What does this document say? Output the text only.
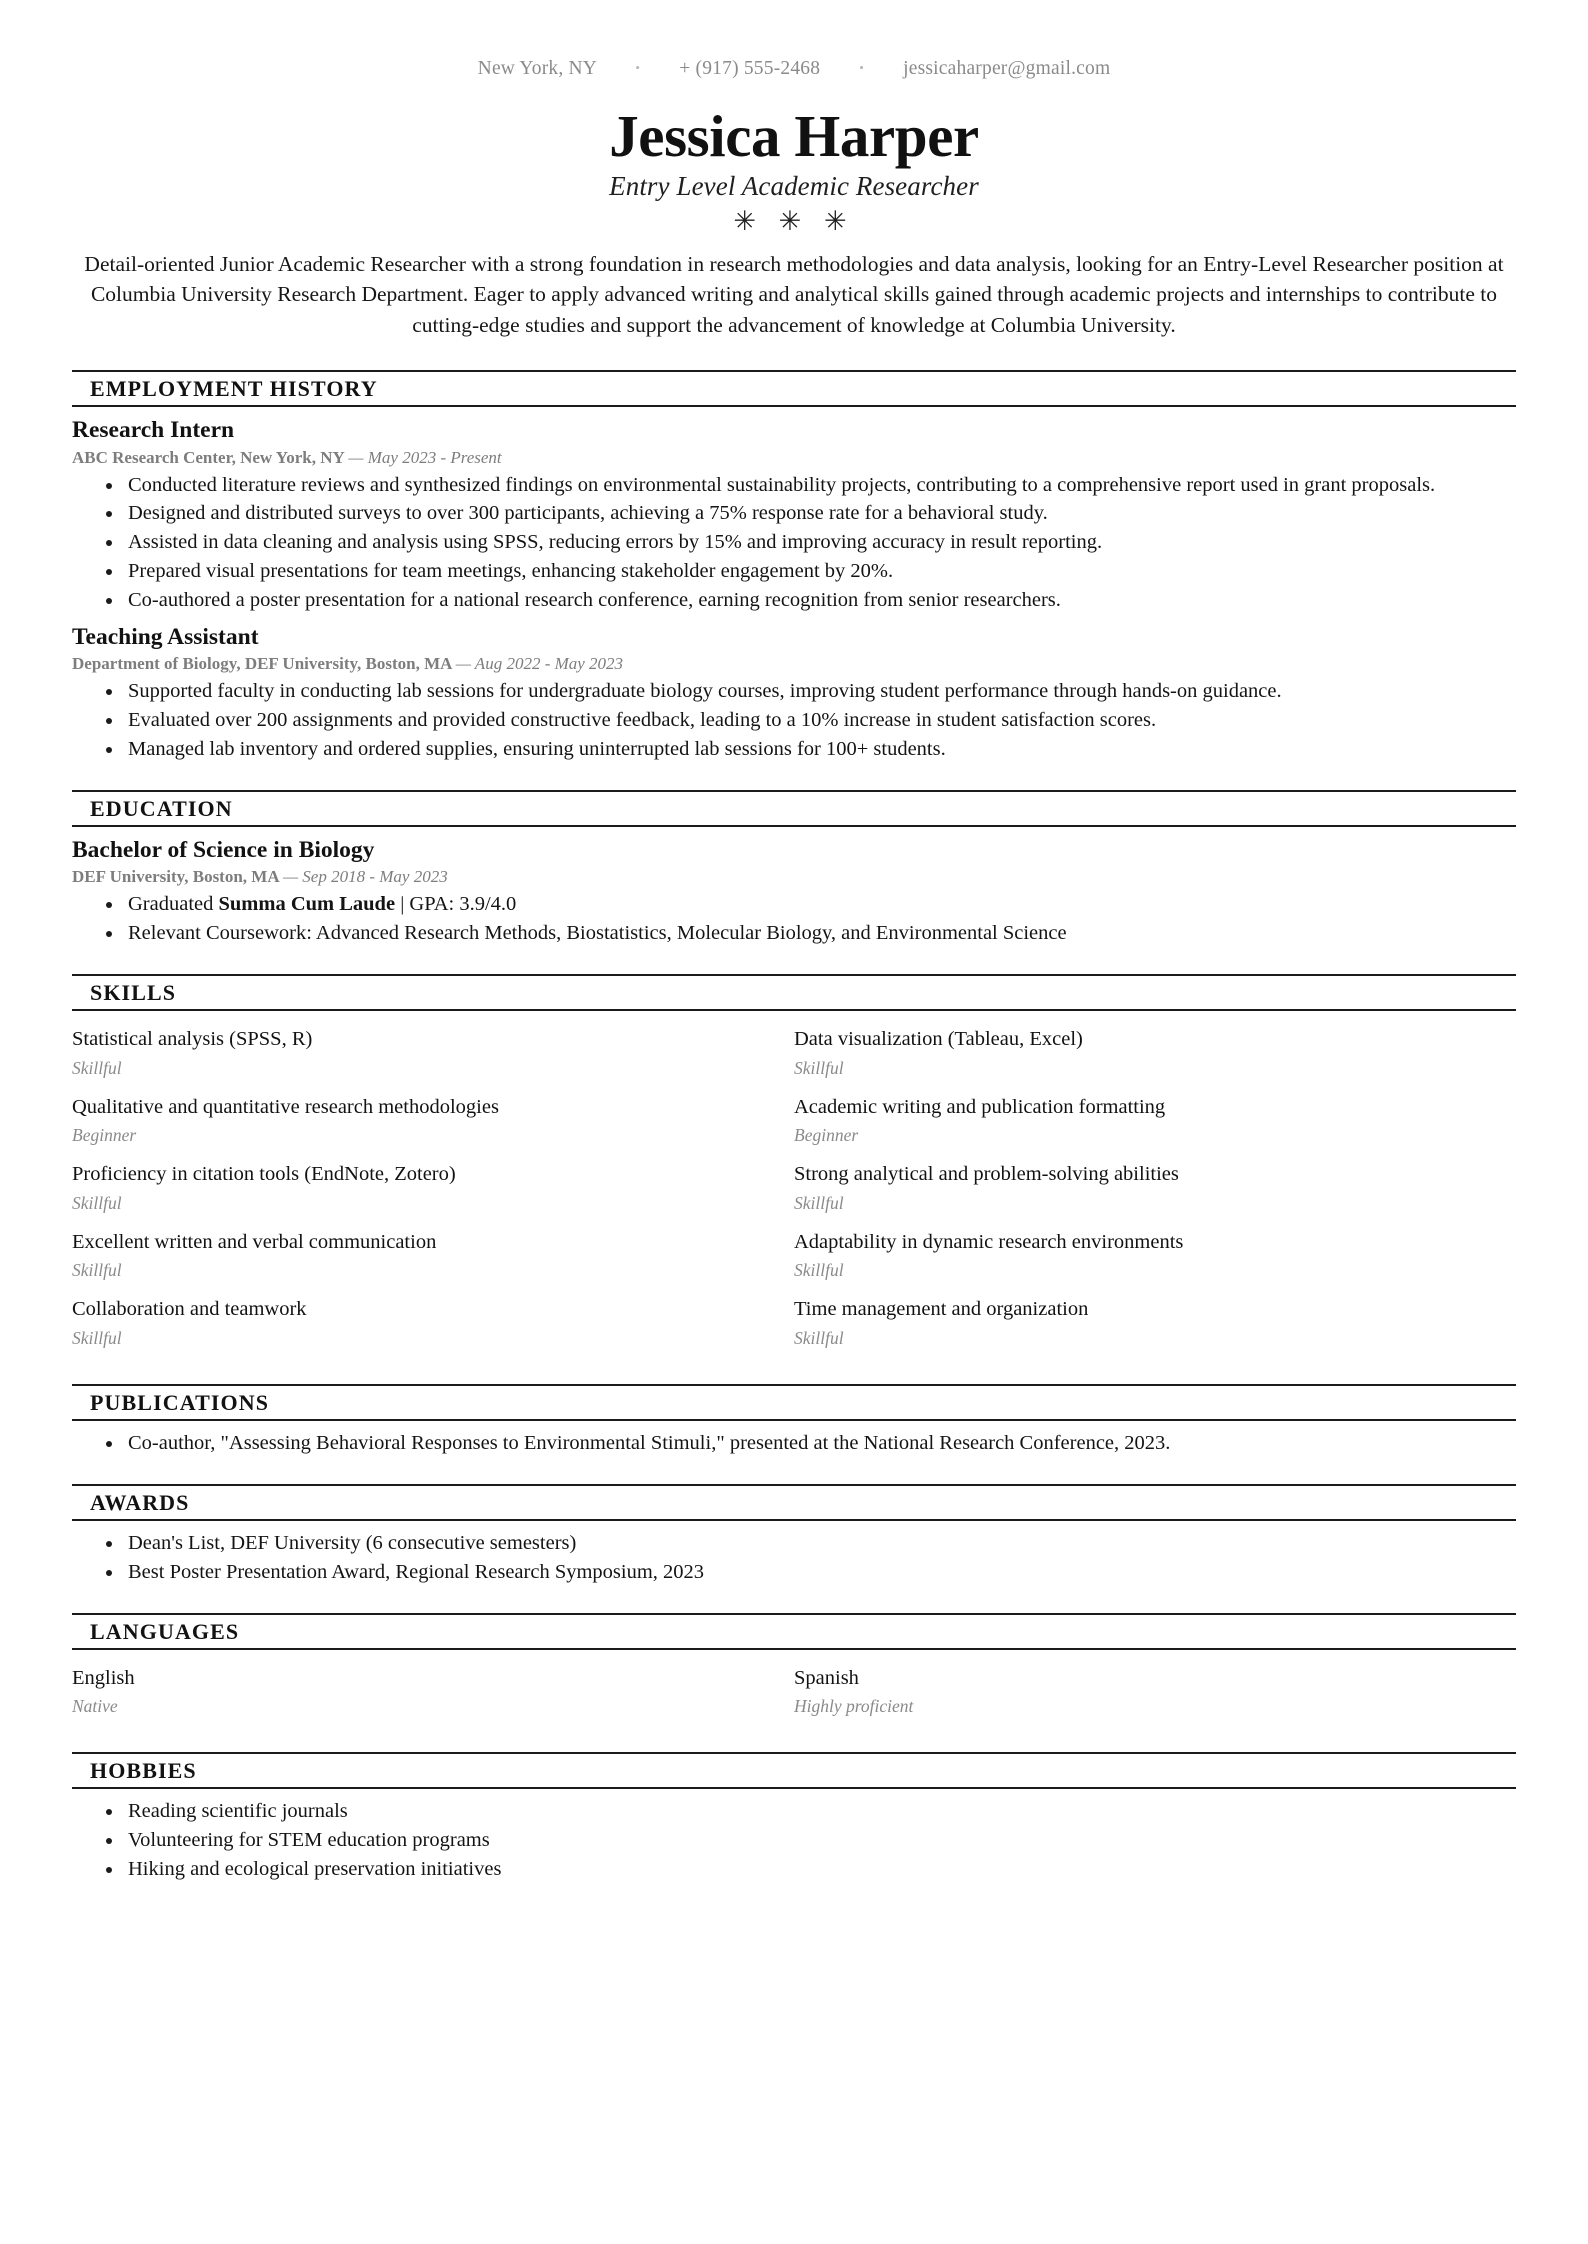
New York, NY	• + (917) 555-2468	• jessicaharper@gmail.com
Jessica Harper
Entry Level Academic Researcher
✳ ✳ ✳
Detail-oriented Junior Academic Researcher with a strong foundation in research methodologies and data analysis, looking for an Entry-Level Researcher position at Columbia University Research Department. Eager to apply advanced writing and analytical skills gained through academic projects and internships to contribute to cutting-edge studies and support the advancement of knowledge at Columbia University.
EMPLOYMENT HISTORY
Research Intern
ABC Research Center, New York, NY — May 2023 - Present
Conducted literature reviews and synthesized findings on environmental sustainability projects, contributing to a comprehensive report used in grant proposals.
Designed and distributed surveys to over 300 participants, achieving a 75% response rate for a behavioral study.
Assisted in data cleaning and analysis using SPSS, reducing errors by 15% and improving accuracy in result reporting.
Prepared visual presentations for team meetings, enhancing stakeholder engagement by 20%.
Co-authored a poster presentation for a national research conference, earning recognition from senior researchers.
Teaching Assistant
Department of Biology, DEF University, Boston, MA — Aug 2022 - May 2023
Supported faculty in conducting lab sessions for undergraduate biology courses, improving student performance through hands-on guidance.
Evaluated over 200 assignments and provided constructive feedback, leading to a 10% increase in student satisfaction scores.
Managed lab inventory and ordered supplies, ensuring uninterrupted lab sessions for 100+ students.
EDUCATION
Bachelor of Science in Biology
DEF University, Boston, MA — Sep 2018 - May 2023
Graduated Summa Cum Laude | GPA: 3.9/4.0
Relevant Coursework: Advanced Research Methods, Biostatistics, Molecular Biology, and Environmental Science
SKILLS
Statistical analysis (SPSS, R)
Skillful
Data visualization (Tableau, Excel)
Skillful
Qualitative and quantitative research methodologies
Beginner
Academic writing and publication formatting
Beginner
Proficiency in citation tools (EndNote, Zotero)
Skillful
Strong analytical and problem-solving abilities
Skillful
Excellent written and verbal communication
Skillful
Adaptability in dynamic research environments
Skillful
Collaboration and teamwork
Skillful
Time management and organization
Skillful
PUBLICATIONS
Co-author, "Assessing Behavioral Responses to Environmental Stimuli," presented at the National Research Conference, 2023.
AWARDS
Dean's List, DEF University (6 consecutive semesters)
Best Poster Presentation Award, Regional Research Symposium, 2023
LANGUAGES
English
Native
Spanish
Highly proficient
HOBBIES
Reading scientific journals
Volunteering for STEM education programs
Hiking and ecological preservation initiatives
